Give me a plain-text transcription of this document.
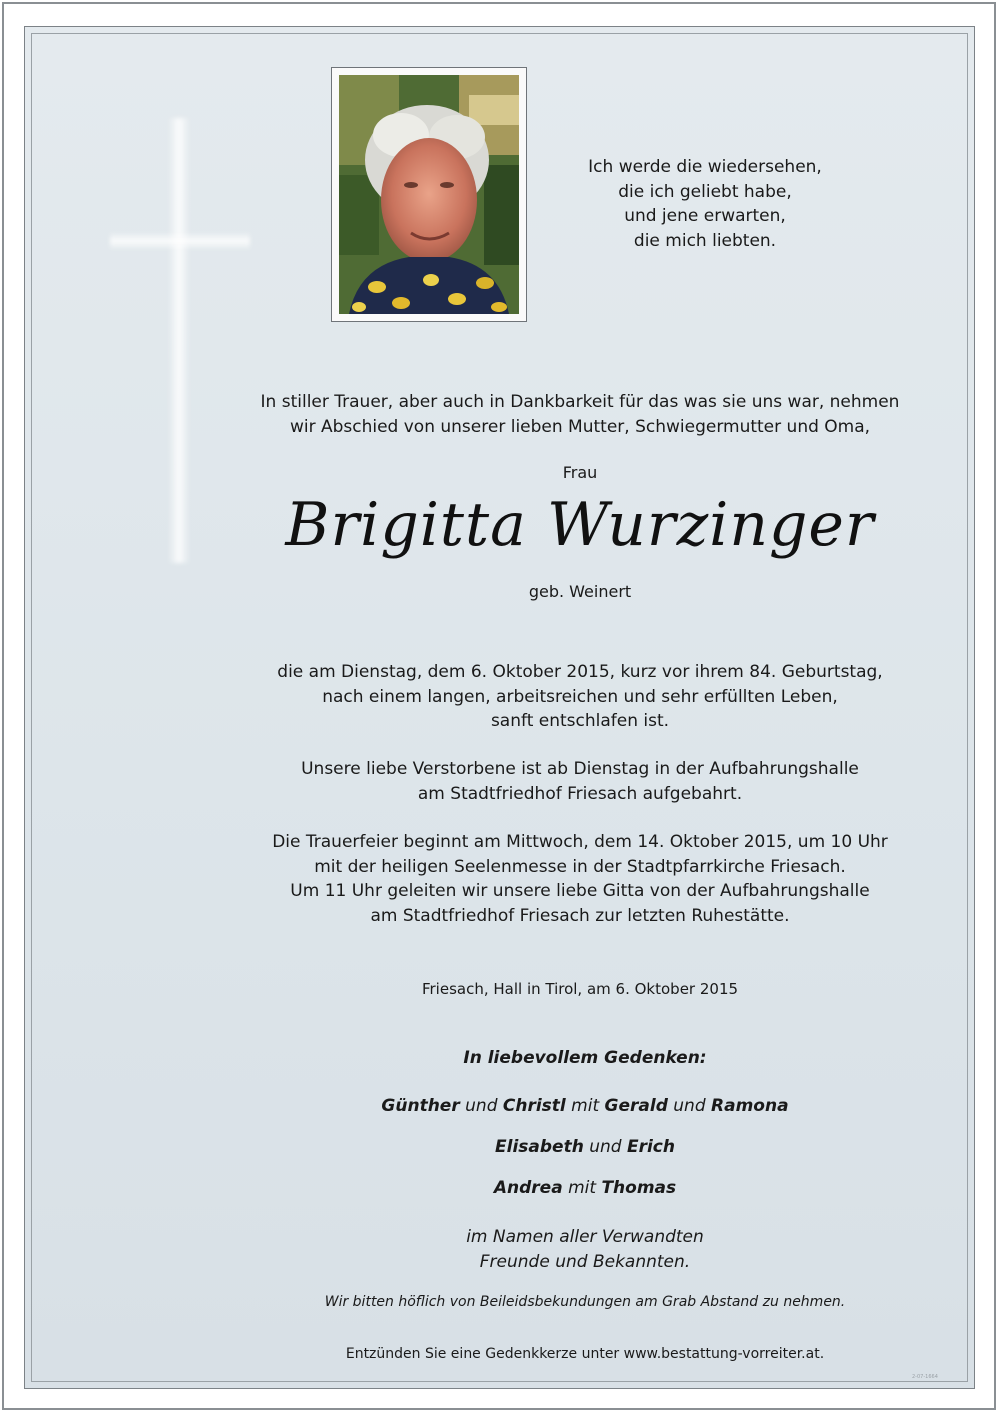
Ich werde die wiedersehen,
die ich geliebt habe,
und jene erwarten,
die mich liebten.
In stiller Trauer, aber auch in Dankbarkeit für das was sie uns war, nehmen
wir Abschied von unserer lieben Mutter, Schwiegermutter und Oma,
Frau
Brigitta Wurzinger
geb. Weinert
die am Dienstag, dem 6. Oktober 2015, kurz vor ihrem 84. Geburtstag,
nach einem langen, arbeitsreichen und sehr erfüllten Leben,
sanft entschlafen ist.
Unsere liebe Verstorbene ist ab Dienstag in der Aufbahrungshalle
am Stadtfriedhof Friesach aufgebahrt.
Die Trauerfeier beginnt am Mittwoch, dem 14. Oktober 2015, um 10 Uhr
mit der heiligen Seelenmesse in der Stadtpfarrkirche Friesach.
Um 11 Uhr geleiten wir unsere liebe Gitta von der Aufbahrungshalle
am Stadtfriedhof Friesach zur letzten Ruhestätte.
Friesach, Hall in Tirol, am 6. Oktober 2015
In liebevollem Gedenken:
Günther und Christl mit Gerald und Ramona
Elisabeth und Erich
Andrea mit Thomas
im Namen aller Verwandten
Freunde und Bekannten.
Wir bitten höflich von Beileidsbekundungen am Grab Abstand zu nehmen.
Entzünden Sie eine Gedenkkerze unter www.bestattung-vorreiter.at.
2-07-1664
